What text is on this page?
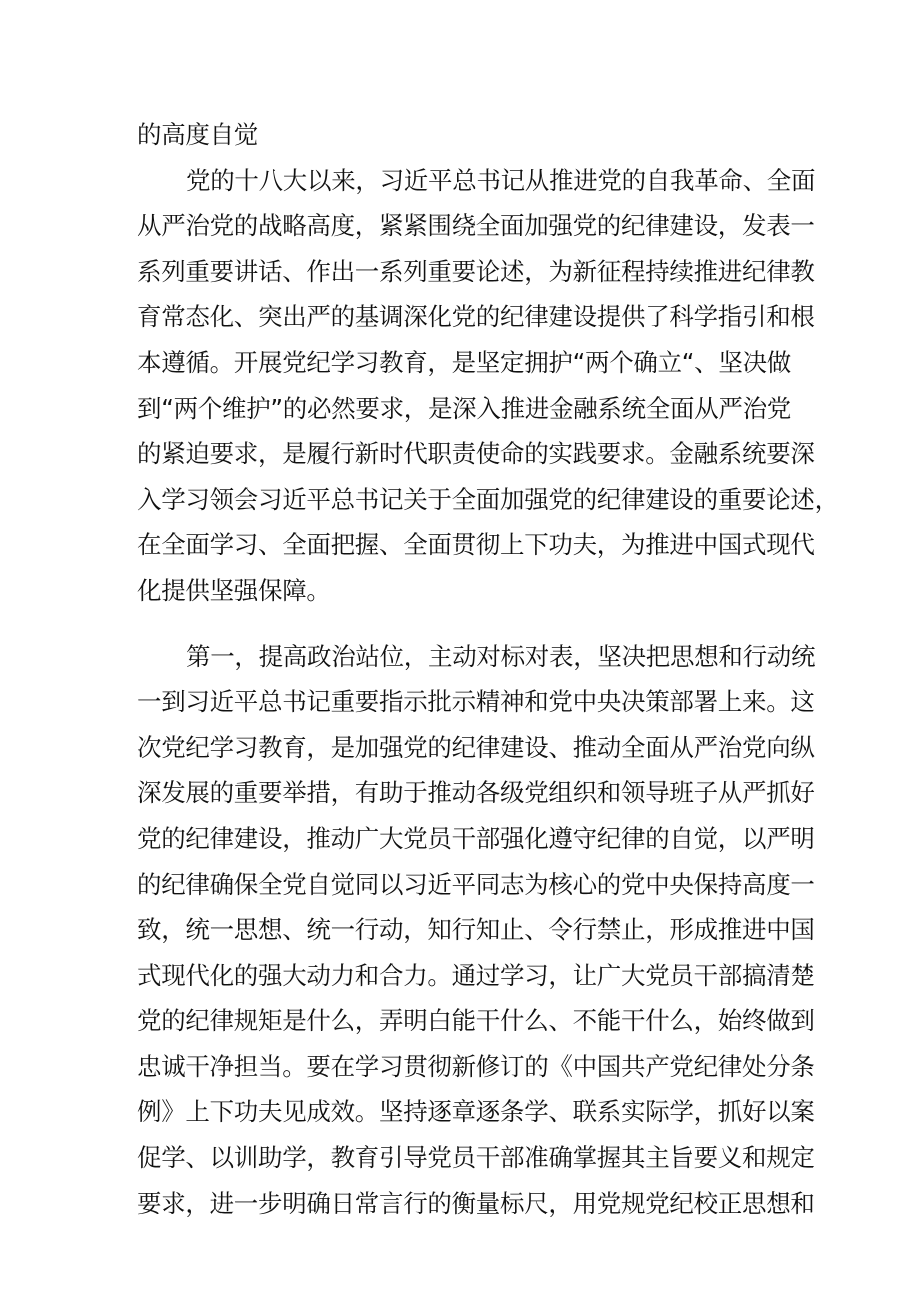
的高度自觉
党的十八大以来，习近平总书记从推进党的自我革命、全面
从严治党的战略高度，紧紧围绕全面加强党的纪律建设，发表一
系列重要讲话、作出一系列重要论述，为新征程持续推进纪律教
育常态化、突出严的基调深化党的纪律建设提供了科学指引和根
本遵循。开展党纪学习教育，是坚定拥护“两个确立“、坚决做
到“两个维护”的必然要求，是深入推进金融系统全面从严治党
的紧迫要求，是履行新时代职责使命的实践要求。金融系统要深
入学习领会习近平总书记关于全面加强党的纪律建设的重要论述，
在全面学习、全面把握、全面贯彻上下功夫，为推进中国式现代
化提供坚强保障。
第一，提高政治站位，主动对标对表，坚决把思想和行动统
一到习近平总书记重要指示批示精神和党中央决策部署上来。这
次党纪学习教育，是加强党的纪律建设、推动全面从严治党向纵
深发展的重要举措，有助于推动各级党组织和领导班子从严抓好
党的纪律建设，推动广大党员干部强化遵守纪律的自觉，以严明
的纪律确保全党自觉同以习近平同志为核心的党中央保持高度一
致，统一思想、统一行动，知行知止、令行禁止，形成推进中国
式现代化的强大动力和合力。通过学习，让广大党员干部搞清楚
党的纪律规矩是什么，弄明白能干什么、不能干什么，始终做到
忠诚干净担当。要在学习贯彻新修订的《中国共产党纪律处分条
例》上下功夫见成效。坚持逐章逐条学、联系实际学，抓好以案
促学、以训助学，教育引导党员干部准确掌握其主旨要义和规定
要求，进一步明确日常言行的衡量标尺，用党规党纪校正思想和
